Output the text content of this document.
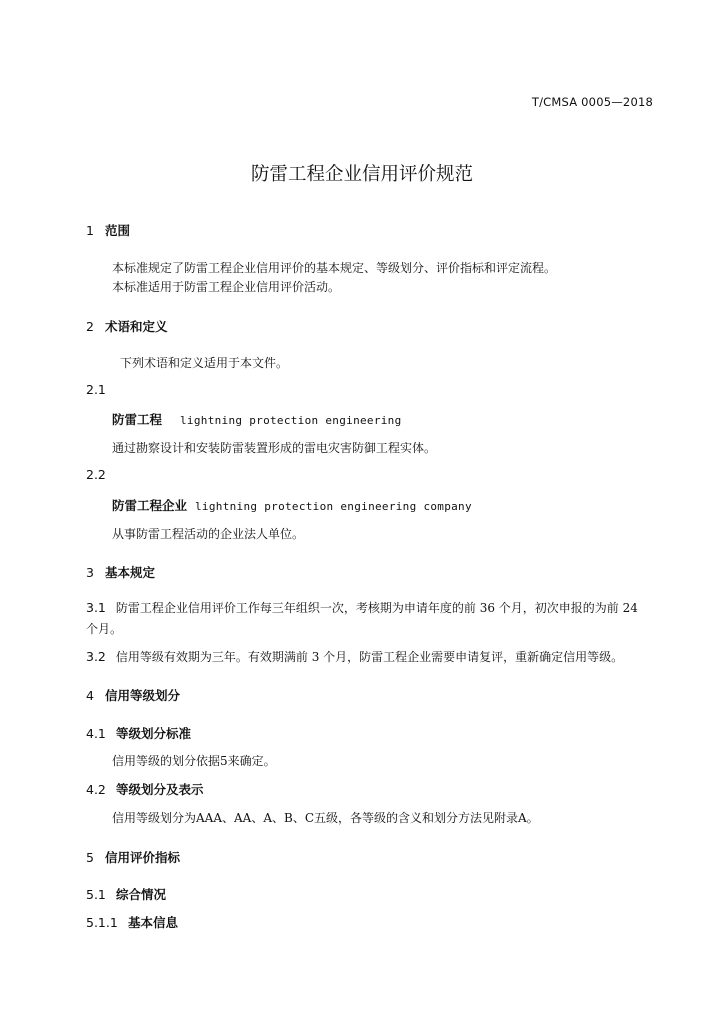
T/CMSA 0005—2018
防雷工程企业信用评价规范
1 范围
本标准规定了防雷工程企业信用评价的基本规定、等级划分、评价指标和评定流程。
本标准适用于防雷工程企业信用评价活动。
2 术语和定义
下列术语和定义适用于本文件。
2.1
防雷工程 lightning protection engineering
通过勘察设计和安装防雷装置形成的雷电灾害防御工程实体。
2.2
防雷工程企业 lightning protection engineering company
从事防雷工程活动的企业法人单位。
3 基本规定
3.1 防雷工程企业信用评价工作每三年组织一次，考核期为申请年度的前 36 个月，初次申报的为前 24 个月。
3.2 信用等级有效期为三年。有效期满前 3 个月，防雷工程企业需要申请复评，重新确定信用等级。
4 信用等级划分
4.1 等级划分标准
信用等级的划分依据5来确定。
4.2 等级划分及表示
信用等级划分为AAA、AA、A、B、C五级，各等级的含义和划分方法见附录A。
5 信用评价指标
5.1 综合情况
5.1.1 基本信息
